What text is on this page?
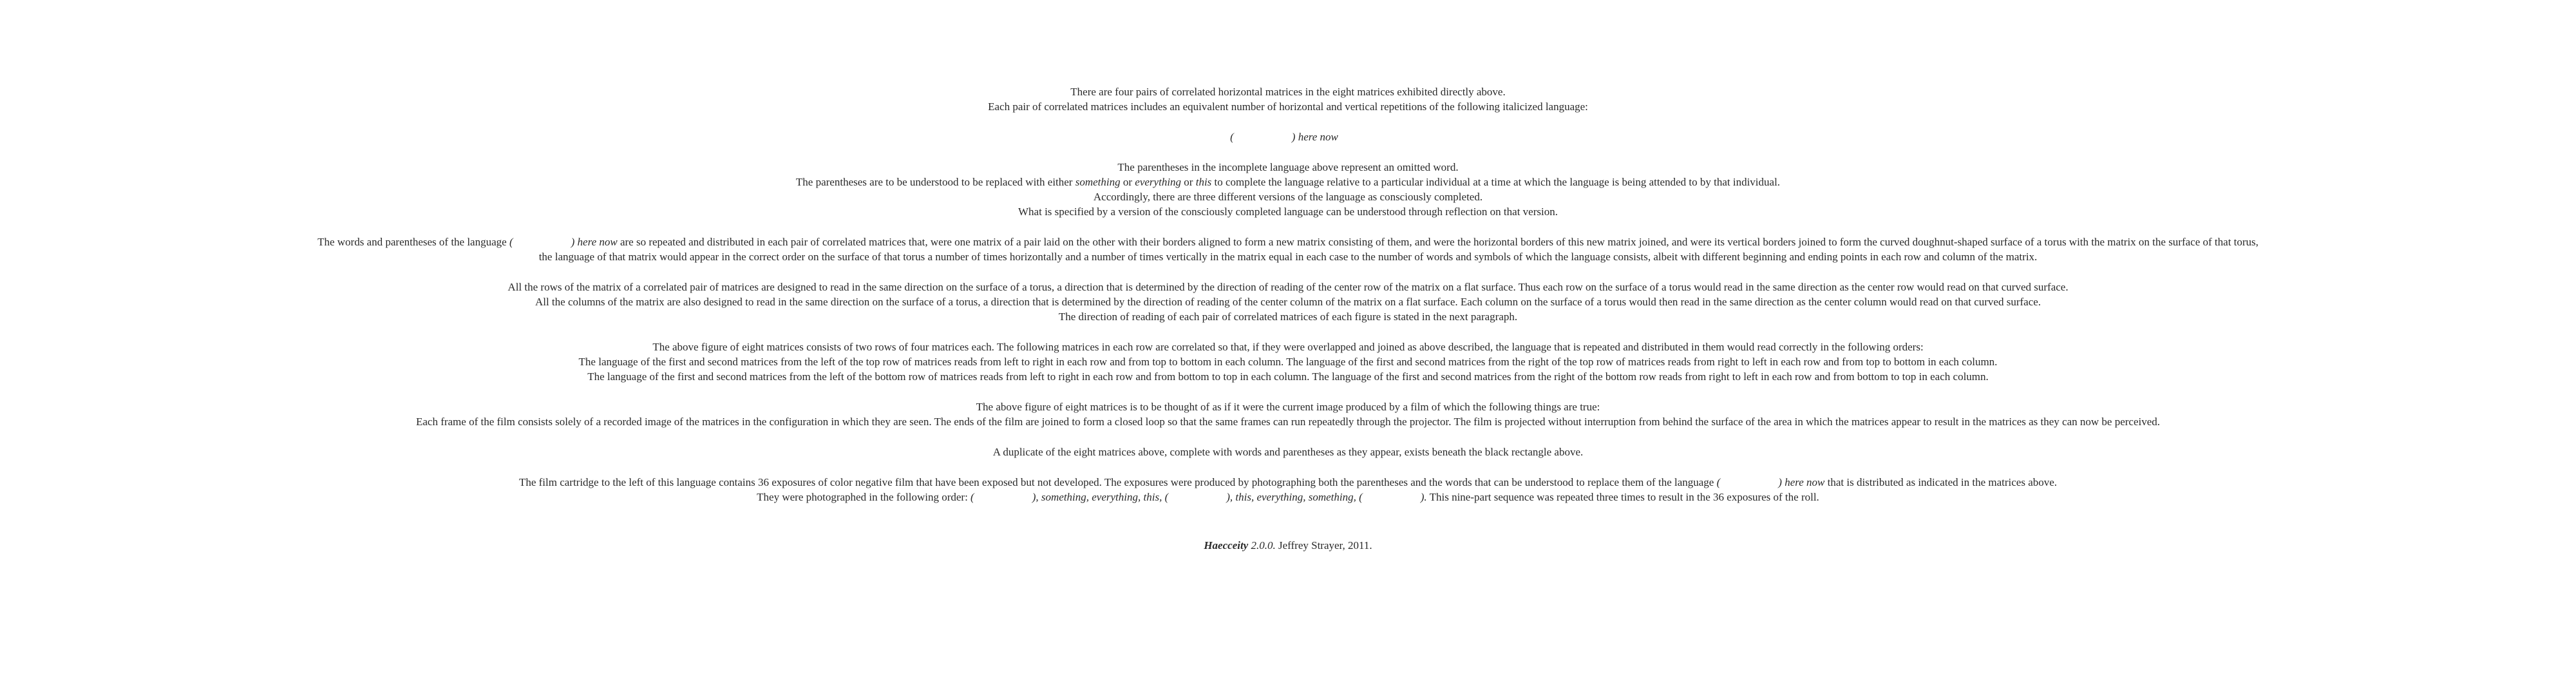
There are four pairs of correlated horizontal matrices in the eight matrices exhibited directly above.
Each pair of correlated matrices includes an equivalent number of horizontal and vertical repetitions of the following italicized language:
(	) here now
The parentheses in the incomplete language above represent an omitted word.
The parentheses are to be understood to be replaced with either something or everything or this to complete the language relative to a particular individual at a time at which the language is being attended to by that individual.
Accordingly, there are three different versions of the language as consciously completed.
What is specified by a version of the consciously completed language can be understood through reflection on that version.
The words and parentheses of the language (	) here now are so repeated and distributed in each pair of correlated matrices that, were one matrix of a pair laid on the other with their borders aligned to form a new matrix consisting of them, and were the horizontal borders of this new matrix joined, and were its vertical borders joined to form the curved doughnut-shaped surface of a torus with the matrix on the surface of that torus,
the language of that matrix would appear in the correct order on the surface of that torus a number of times horizontally and a number of times vertically in the matrix equal in each case to the number of words and symbols of which the language consists, albeit with different beginning and ending points in each row and column of the matrix.
All the rows of the matrix of a correlated pair of matrices are designed to read in the same direction on the surface of a torus, a direction that is determined by the direction of reading of the center row of the matrix on a flat surface. Thus each row on the surface of a torus would read in the same direction as the center row would read on that curved surface.
All the columns of the matrix are also designed to read in the same direction on the surface of a torus, a direction that is determined by the direction of reading of the center column of the matrix on a flat surface. Each column on the surface of a torus would then read in the same direction as the center column would read on that curved surface.
The direction of reading of each pair of correlated matrices of each figure is stated in the next paragraph.
The above figure of eight matrices consists of two rows of four matrices each. The following matrices in each row are correlated so that, if they were overlapped and joined as above described, the language that is repeated and distributed in them would read correctly in the following orders:
The language of the first and second matrices from the left of the top row of matrices reads from left to right in each row and from top to bottom in each column. The language of the first and second matrices from the right of the top row of matrices reads from right to left in each row and from top to bottom in each column.
The language of the first and second matrices from the left of the bottom row of matrices reads from left to right in each row and from bottom to top in each column. The language of the first and second matrices from the right of the bottom row reads from right to left in each row and from bottom to top in each column.
The above figure of eight matrices is to be thought of as if it were the current image produced by a film of which the following things are true:
Each frame of the film consists solely of a recorded image of the matrices in the configuration in which they are seen. The ends of the film are joined to form a closed loop so that the same frames can run repeatedly through the projector. The film is projected without interruption from behind the surface of the area in which the matrices appear to result in the matrices as they can now be perceived.
A duplicate of the eight matrices above, complete with words and parentheses as they appear, exists beneath the black rectangle above.
The film cartridge to the left of this language contains 36 exposures of color negative film that have been exposed but not developed. The exposures were produced by photographing both the parentheses and the words that can be understood to replace them of the language (	) here now that is distributed as indicated in the matrices above.
They were photographed in the following order: (	), something, everything, this, (	), this, everything, something, (	). This nine-part sequence was repeated three times to result in the 36 exposures of the roll.
Haecceity 2.0.0. Jeffrey Strayer, 2011.
